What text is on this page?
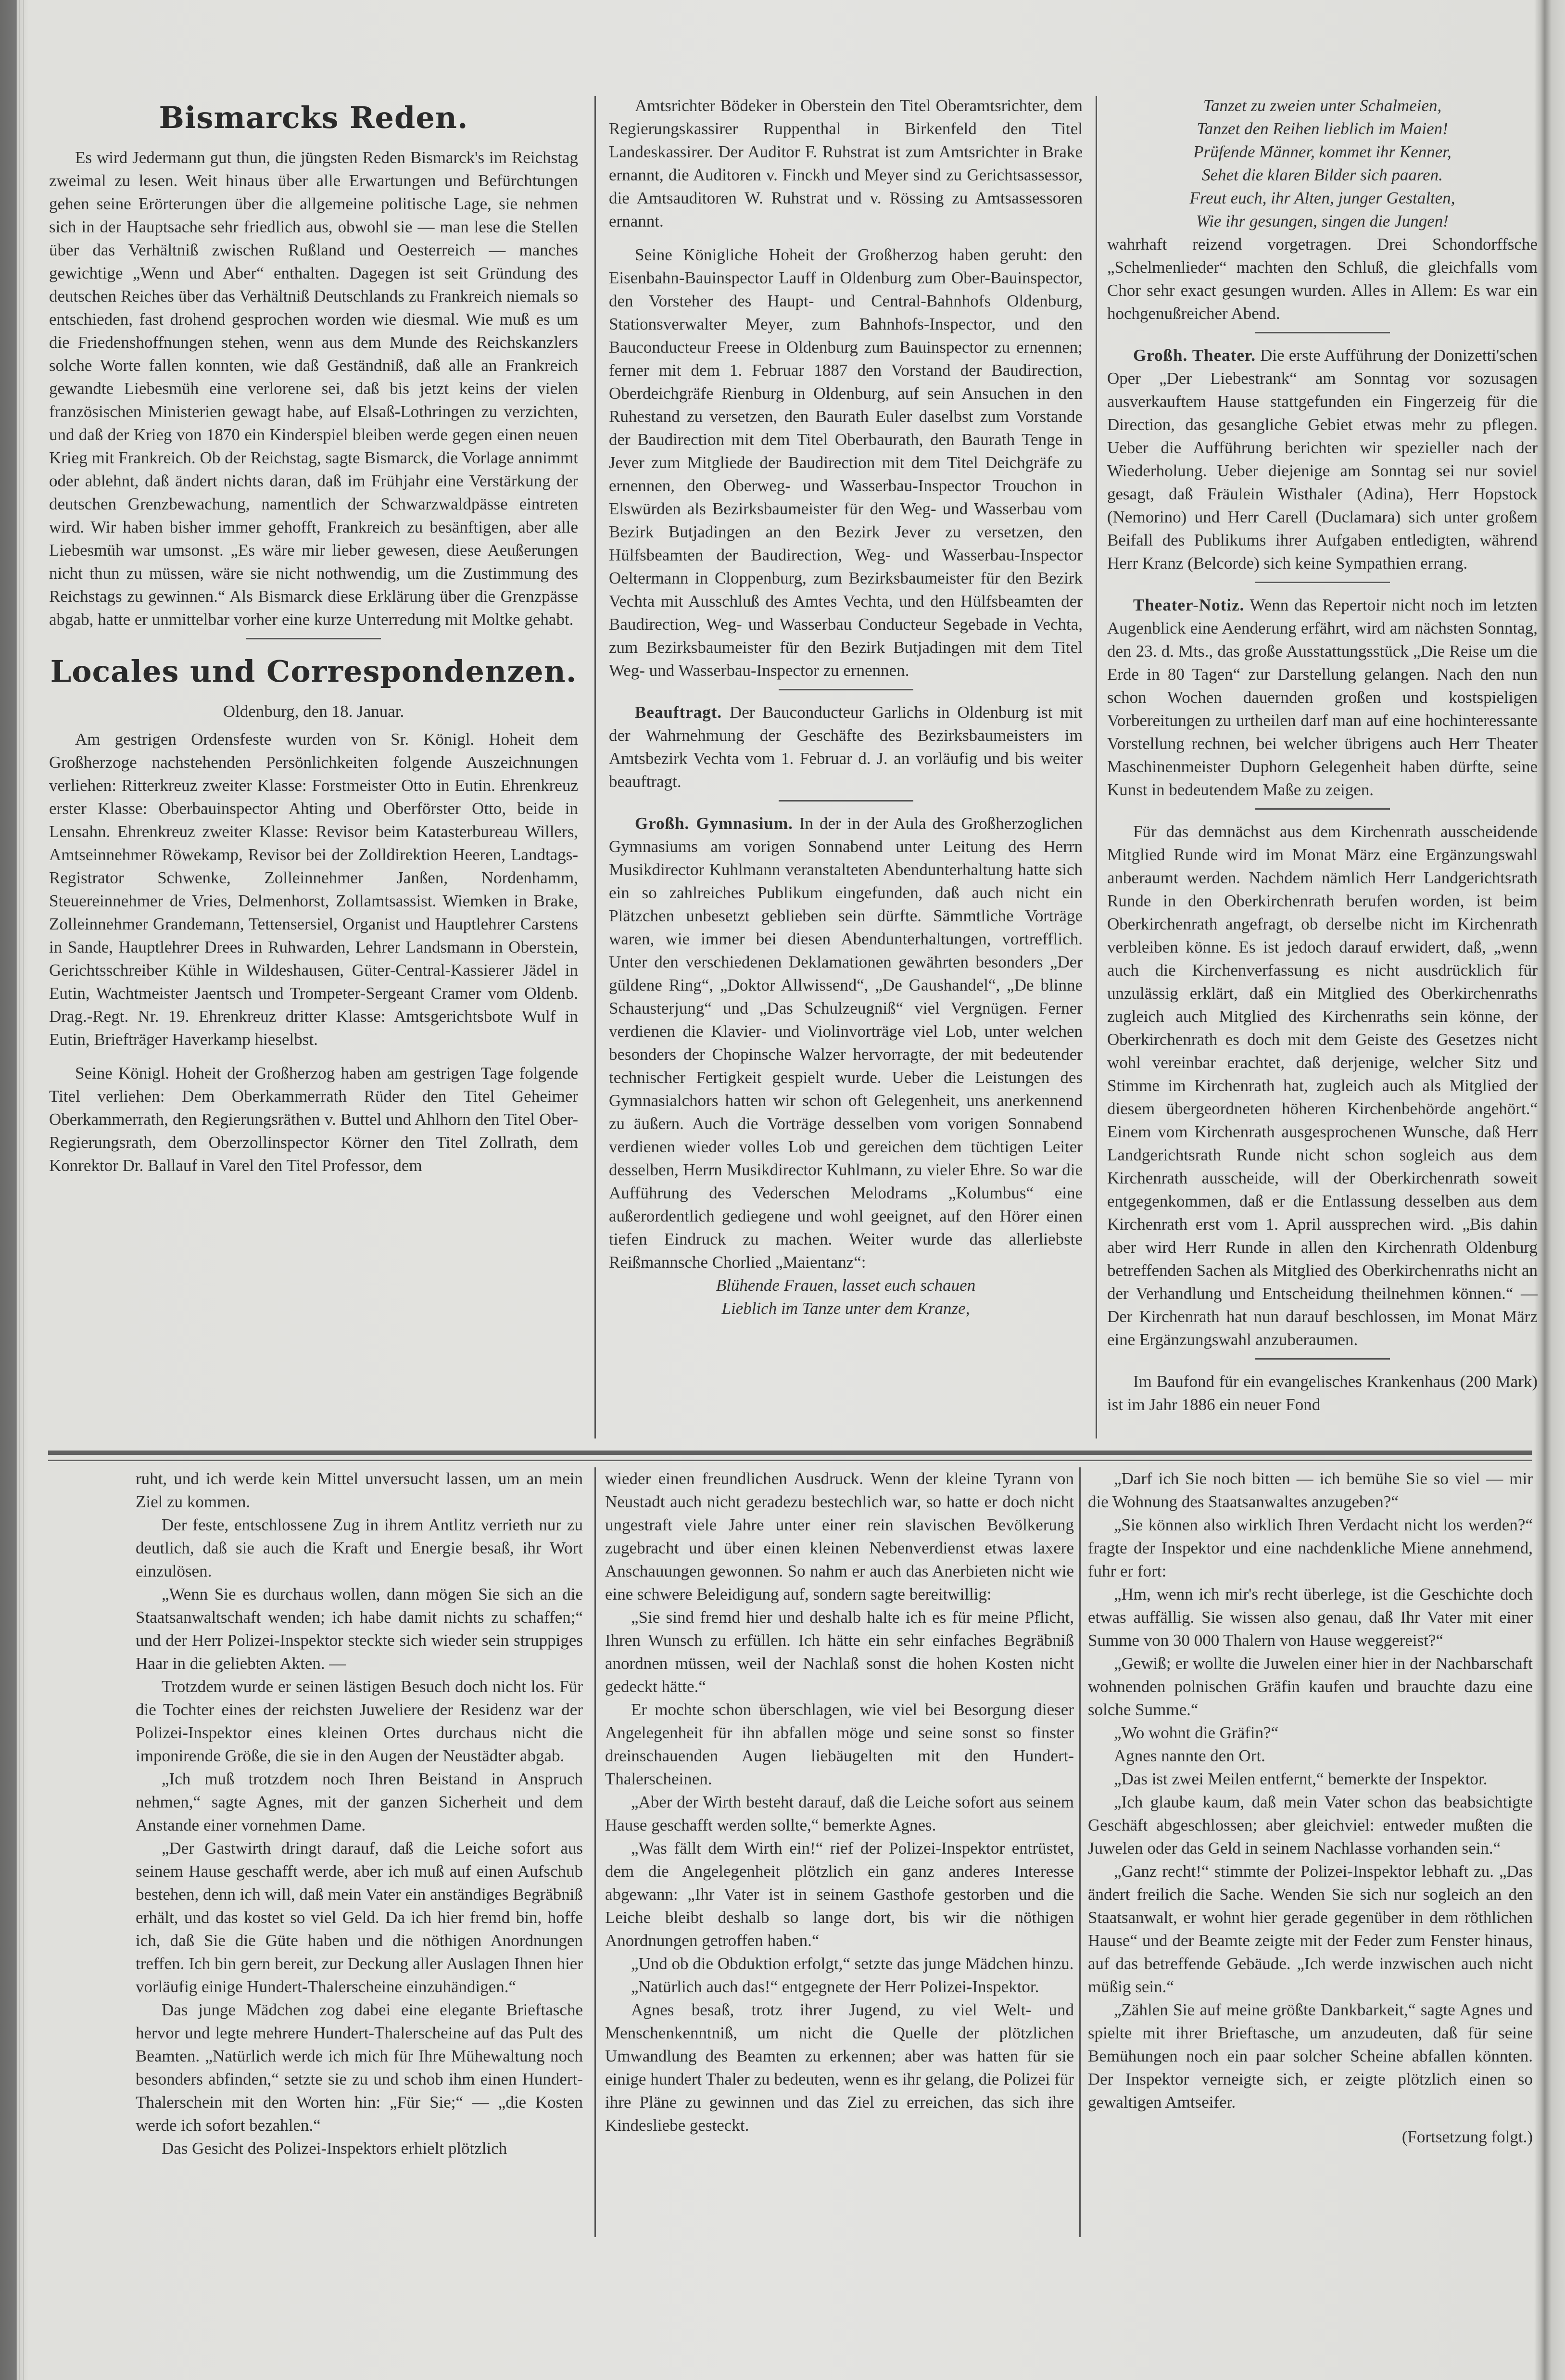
Bismarcks Reden.

Es wird Jedermann gut thun, die jüngsten Reden Bismarck's im Reichstag zweimal zu lesen. Weit hinaus über alle Erwartungen und Befürchtungen gehen seine Erörterungen über die allgemeine politische Lage, sie nehmen sich in der Hauptsache sehr friedlich aus, obwohl sie — man lese die Stellen über das Verhältniß zwischen Rußland und Oesterreich — manches gewichtige „Wenn und Aber“ enthalten. Dagegen ist seit Gründung des deutschen Reiches über das Verhältniß Deutschlands zu Frankreich niemals so entschieden, fast drohend gesprochen worden wie diesmal. Wie muß es um die Friedenshoffnungen stehen, wenn aus dem Munde des Reichskanzlers solche Worte fallen konnten, wie daß Geständniß, daß alle an Frankreich gewandte Liebesmüh eine verlorene sei, daß bis jetzt keins der vielen französischen Ministerien gewagt habe, auf Elsaß-Lothringen zu verzichten, und daß der Krieg von 1870 ein Kinderspiel bleiben werde gegen einen neuen Krieg mit Frankreich. Ob der Reichstag, sagte Bismarck, die Vorlage annimmt oder ablehnt, daß ändert nichts daran, daß im Frühjahr eine Verstärkung der deutschen Grenzbewachung, namentlich der Schwarzwaldpässe eintreten wird. Wir haben bisher immer gehofft, Frankreich zu besänftigen, aber alle Liebesmüh war umsonst. „Es wäre mir lieber gewesen, diese Aeußerungen nicht thun zu müssen, wäre sie nicht nothwendig, um die Zustimmung des Reichstags zu gewinnen.“ Als Bismarck diese Erklärung über die Grenzpässe abgab, hatte er unmittelbar vorher eine kurze Unterredung mit Moltke gehabt.

Locales und Correspondenzen.
Oldenburg, den 18. Januar.

Am gestrigen Ordensfeste wurden von Sr. Königl. Hoheit dem Großherzoge nachstehenden Persönlichkeiten folgende Auszeichnungen verliehen: Ritterkreuz zweiter Klasse: Forstmeister Otto in Eutin. Ehrenkreuz erster Klasse: Oberbauinspector Ahting und Oberförster Otto, beide in Lensahn. Ehrenkreuz zweiter Klasse: Revisor beim Katasterbureau Willers, Amtseinnehmer Röwekamp, Revisor bei der Zolldirektion Heeren, Landtags-Registrator Schwenke, Zolleinnehmer Janßen, Nordenhamm, Steuereinnehmer de Vries, Delmenhorst, Zollamtsassist. Wiemken in Brake, Zolleinnehmer Grandemann, Tettensersiel, Organist und Hauptlehrer Carstens in Sande, Hauptlehrer Drees in Ruhwarden, Lehrer Landsmann in Oberstein, Gerichtsschreiber Kühle in Wildeshausen, Güter-Central-Kassierer Jädel in Eutin, Wachtmeister Jaentsch und Trompeter-Sergeant Cramer vom Oldenb. Drag.-Regt. Nr. 19. Ehrenkreuz dritter Klasse: Amtsgerichtsbote Wulf in Eutin, Briefträger Haverkamp hieselbst.

Seine Königl. Hoheit der Großherzog haben am gestrigen Tage folgende Titel verliehen: Dem Oberkammerrath Rüder den Titel Geheimer Oberkammerrath, den Regierungsräthen v. Buttel und Ahlhorn den Titel Ober-Regierungsrath, dem Oberzollinspector Körner den Titel Zollrath, dem Konrektor Dr. Ballauf in Varel den Titel Professor, dem

Amtsrichter Bödeker in Oberstein den Titel Oberamtsrichter, dem Regierungskassirer Ruppenthal in Birkenfeld den Titel Landeskassirer. Der Auditor F. Ruhstrat ist zum Amtsrichter in Brake ernannt, die Auditoren v. Finckh und Meyer sind zu Gerichtsassessor, die Amtsauditoren W. Ruhstrat und v. Rössing zu Amtsassessoren ernannt.

Seine Königliche Hoheit der Großherzog haben geruht: den Eisenbahn-Bauinspector Lauff in Oldenburg zum Ober-Bauinspector, den Vorsteher des Haupt- und Central-Bahnhofs Oldenburg, Stationsverwalter Meyer, zum Bahnhofs-Inspector, und den Bauconducteur Freese in Oldenburg zum Bauinspector zu ernennen; ferner mit dem 1. Februar 1887 den Vorstand der Baudirection, Oberdeichgräfe Rienburg in Oldenburg, auf sein Ansuchen in den Ruhestand zu versetzen, den Baurath Euler daselbst zum Vorstande der Baudirection mit dem Titel Oberbaurath, den Baurath Tenge in Jever zum Mitgliede der Baudirection mit dem Titel Deichgräfe zu ernennen, den Oberweg- und Wasserbau-Inspector Trouchon in Elswürden als Bezirksbaumeister für den Weg- und Wasserbau vom Bezirk Butjadingen an den Bezirk Jever zu versetzen, den Hülfsbeamten der Baudirection, Weg- und Wasserbau-Inspector Oeltermann in Cloppenburg, zum Bezirksbaumeister für den Bezirk Vechta mit Ausschluß des Amtes Vechta, und den Hülfsbeamten der Baudirection, Weg- und Wasserbau Conducteur Segebade in Vechta, zum Bezirksbaumeister für den Bezirk Butjadingen mit dem Titel Weg- und Wasserbau-Inspector zu ernennen.

Beauftragt. Der Bauconducteur Garlichs in Oldenburg ist mit der Wahrnehmung der Geschäfte des Bezirksbaumeisters im Amtsbezirk Vechta vom 1. Februar d. J. an vorläufig und bis weiter beauftragt.

Großh. Gymnasium. In der in der Aula des Großherzoglichen Gymnasiums am vorigen Sonnabend unter Leitung des Herrn Musikdirector Kuhlmann veranstalteten Abendunterhaltung hatte sich ein so zahlreiches Publikum eingefunden, daß auch nicht ein Plätzchen unbesetzt geblieben sein dürfte. Sämmtliche Vorträge waren, wie immer bei diesen Abendunterhaltungen, vortrefflich. Unter den verschiedenen Deklamationen gewährten besonders „Der güldene Ring“, „Doktor Allwissend“, „De Gaushandel“, „De blinne Schausterjung“ und „Das Schulzeugniß“ viel Vergnügen. Ferner verdienen die Klavier- und Violinvorträge viel Lob, unter welchen besonders der Chopinsche Walzer hervorragte, der mit bedeutender technischer Fertigkeit gespielt wurde. Ueber die Leistungen des Gymnasialchors hatten wir schon oft Gelegenheit, uns anerkennend zu äußern. Auch die Vorträge desselben vom vorigen Sonnabend verdienen wieder volles Lob und gereichen dem tüchtigen Leiter desselben, Herrn Musikdirector Kuhlmann, zu vieler Ehre. So war die Aufführung des Vederschen Melodrams „Kolumbus“ eine außerordentlich gediegene und wohl geeignet, auf den Hörer einen tiefen Eindruck zu machen. Weiter wurde das allerliebste Reißmannsche Chorlied „Maientanz“:

Blühende Frauen, lasset euch schauen
Lieblich im Tanze unter dem Kranze,
Tanzet zu zweien unter Schalmeien,
Tanzet den Reihen lieblich im Maien!
Prüfende Männer, kommet ihr Kenner,
Sehet die klaren Bilder sich paaren.
Freut euch, ihr Alten, junger Gestalten,
Wie ihr gesungen, singen die Jungen!

wahrhaft reizend vorgetragen. Drei Schondorffsche „Schelmenlieder“ machten den Schluß, die gleichfalls vom Chor sehr exact gesungen wurden. Alles in Allem: Es war ein hochgenußreicher Abend.

Großh. Theater. Die erste Aufführung der Donizetti'schen Oper „Der Liebestrank“ am Sonntag vor sozusagen ausverkauftem Hause stattgefunden ein Fingerzeig für die Direction, das gesangliche Gebiet etwas mehr zu pflegen. Ueber die Aufführung berichten wir spezieller nach der Wiederholung. Ueber diejenige am Sonntag sei nur soviel gesagt, daß Fräulein Wisthaler (Adina), Herr Hopstock (Nemorino) und Herr Carell (Duclamara) sich unter großem Beifall des Publikums ihrer Aufgaben entledigten, während Herr Kranz (Belcorde) sich keine Sympathien errang.

Theater-Notiz. Wenn das Repertoir nicht noch im letzten Augenblick eine Aenderung erfährt, wird am nächsten Sonntag, den 23. d. Mts., das große Ausstattungsstück „Die Reise um die Erde in 80 Tagen“ zur Darstellung gelangen. Nach den nun schon Wochen dauernden großen und kostspieligen Vorbereitungen zu urtheilen darf man auf eine hochinteressante Vorstellung rechnen, bei welcher übrigens auch Herr Theater Maschinenmeister Duphorn Gelegenheit haben dürfte, seine Kunst in bedeutendem Maße zu zeigen.

Für das demnächst aus dem Kirchenrath ausscheidende Mitglied Runde wird im Monat März eine Ergänzungswahl anberaumt werden. Nachdem nämlich Herr Landgerichtsrath Runde in den Oberkirchenrath berufen worden, ist beim Oberkirchenrath angefragt, ob derselbe nicht im Kirchenrath verbleiben könne. Es ist jedoch darauf erwidert, daß, „wenn auch die Kirchenverfassung es nicht ausdrücklich für unzulässig erklärt, daß ein Mitglied des Oberkirchenraths zugleich auch Mitglied des Kirchenraths sein könne, der Oberkirchenrath es doch mit dem Geiste des Gesetzes nicht wohl vereinbar erachtet, daß derjenige, welcher Sitz und Stimme im Kirchenrath hat, zugleich auch als Mitglied der diesem übergeordneten höheren Kirchenbehörde angehört.“ Einem vom Kirchenrath ausgesprochenen Wunsche, daß Herr Landgerichtsrath Runde nicht schon sogleich aus dem Kirchenrath ausscheide, will der Oberkirchenrath soweit entgegenkommen, daß er die Entlassung desselben aus dem Kirchenrath erst vom 1. April aussprechen wird. „Bis dahin aber wird Herr Runde in allen den Kirchenrath Oldenburg betreffenden Sachen als Mitglied des Oberkirchenraths nicht an der Verhandlung und Entscheidung theilnehmen können.“ — Der Kirchenrath hat nun darauf beschlossen, im Monat März eine Ergänzungswahl anzuberaumen.

Im Baufond für ein evangelisches Krankenhaus (200 Mark) ist im Jahr 1886 ein neuer Fond

ruht, und ich werde kein Mittel unversucht lassen, um an mein Ziel zu kommen.

Der feste, entschlossene Zug in ihrem Antlitz verrieth nur zu deutlich, daß sie auch die Kraft und Energie besaß, ihr Wort einzulösen.

„Wenn Sie es durchaus wollen, dann mögen Sie sich an die Staatsanwaltschaft wenden; ich habe damit nichts zu schaffen;“ und der Herr Polizei-Inspektor steckte sich wieder sein struppiges Haar in die geliebten Akten. —

Trotzdem wurde er seinen lästigen Besuch doch nicht los. Für die Tochter eines der reichsten Juweliere der Residenz war der Polizei-Inspektor eines kleinen Ortes durchaus nicht die imponirende Größe, die sie in den Augen der Neustädter abgab.

„Ich muß trotzdem noch Ihren Beistand in Anspruch nehmen,“ sagte Agnes, mit der ganzen Sicherheit und dem Anstande einer vornehmen Dame.

„Der Gastwirth dringt darauf, daß die Leiche sofort aus seinem Hause geschafft werde, aber ich muß auf einen Aufschub bestehen, denn ich will, daß mein Vater ein anständiges Begräbniß erhält, und das kostet so viel Geld. Da ich hier fremd bin, hoffe ich, daß Sie die Güte haben und die nöthigen Anordnungen treffen. Ich bin gern bereit, zur Deckung aller Auslagen Ihnen hier vorläufig einige Hundert-Thalerscheine einzuhändigen.“

Das junge Mädchen zog dabei eine elegante Brieftasche hervor und legte mehrere Hundert-Thalerscheine auf das Pult des Beamten. „Natürlich werde ich mich für Ihre Mühewaltung noch besonders abfinden,“ setzte sie zu und schob ihm einen Hundert-Thalerschein mit den Worten hin: „Für Sie;“ — „die Kosten werde ich sofort bezahlen.“

Das Gesicht des Polizei-Inspektors erhielt plötzlich

wieder einen freundlichen Ausdruck. Wenn der kleine Tyrann von Neustadt auch nicht geradezu bestechlich war, so hatte er doch nicht ungestraft viele Jahre unter einer rein slavischen Bevölkerung zugebracht und über einen kleinen Nebenverdienst etwas laxere Anschauungen gewonnen. So nahm er auch das Anerbieten nicht wie eine schwere Beleidigung auf, sondern sagte bereitwillig:

„Sie sind fremd hier und deshalb halte ich es für meine Pflicht, Ihren Wunsch zu erfüllen. Ich hätte ein sehr einfaches Begräbniß anordnen müssen, weil der Nachlaß sonst die hohen Kosten nicht gedeckt hätte.“

Er mochte schon überschlagen, wie viel bei Besorgung dieser Angelegenheit für ihn abfallen möge und seine sonst so finster dreinschauenden Augen liebäugelten mit den Hundert-Thalerscheinen.

„Aber der Wirth besteht darauf, daß die Leiche sofort aus seinem Hause geschafft werden sollte,“ bemerkte Agnes.

„Was fällt dem Wirth ein!“ rief der Polizei-Inspektor entrüstet, dem die Angelegenheit plötzlich ein ganz anderes Interesse abgewann: „Ihr Vater ist in seinem Gasthofe gestorben und die Leiche bleibt deshalb so lange dort, bis wir die nöthigen Anordnungen getroffen haben.“

„Und ob die Obduktion erfolgt,“ setzte das junge Mädchen hinzu.

„Natürlich auch das!“ entgegnete der Herr Polizei-Inspektor.

Agnes besaß, trotz ihrer Jugend, zu viel Welt- und Menschenkenntniß, um nicht die Quelle der plötzlichen Umwandlung des Beamten zu erkennen; aber was hatten für sie einige hundert Thaler zu bedeuten, wenn es ihr gelang, die Polizei für ihre Pläne zu gewinnen und das Ziel zu erreichen, das sich ihre Kindesliebe gesteckt.

„Darf ich Sie noch bitten — ich bemühe Sie so viel — mir die Wohnung des Staatsanwaltes anzugeben?“

„Sie können also wirklich Ihren Verdacht nicht los werden?“ fragte der Inspektor und eine nachdenkliche Miene annehmend, fuhr er fort:

„Hm, wenn ich mir's recht überlege, ist die Geschichte doch etwas auffällig. Sie wissen also genau, daß Ihr Vater mit einer Summe von 30 000 Thalern von Hause weggereist?“

„Gewiß; er wollte die Juwelen einer hier in der Nachbarschaft wohnenden polnischen Gräfin kaufen und brauchte dazu eine solche Summe.“

„Wo wohnt die Gräfin?“

Agnes nannte den Ort.

„Das ist zwei Meilen entfernt,“ bemerkte der Inspektor.

„Ich glaube kaum, daß mein Vater schon das beabsichtigte Geschäft abgeschlossen; aber gleichviel: entweder mußten die Juwelen oder das Geld in seinem Nachlasse vorhanden sein.“

„Ganz recht!“ stimmte der Polizei-Inspektor lebhaft zu. „Das ändert freilich die Sache. Wenden Sie sich nur sogleich an den Staatsanwalt, er wohnt hier gerade gegenüber in dem röthlichen Hause“ und der Beamte zeigte mit der Feder zum Fenster hinaus, auf das betreffende Gebäude. „Ich werde inzwischen auch nicht müßig sein.“

„Zählen Sie auf meine größte Dankbarkeit,“ sagte Agnes und spielte mit ihrer Brieftasche, um anzudeuten, daß für seine Bemühungen noch ein paar solcher Scheine abfallen könnten. Der Inspektor verneigte sich, er zeigte plötzlich einen so gewaltigen Amtseifer.

(Fortsetzung folgt.)
